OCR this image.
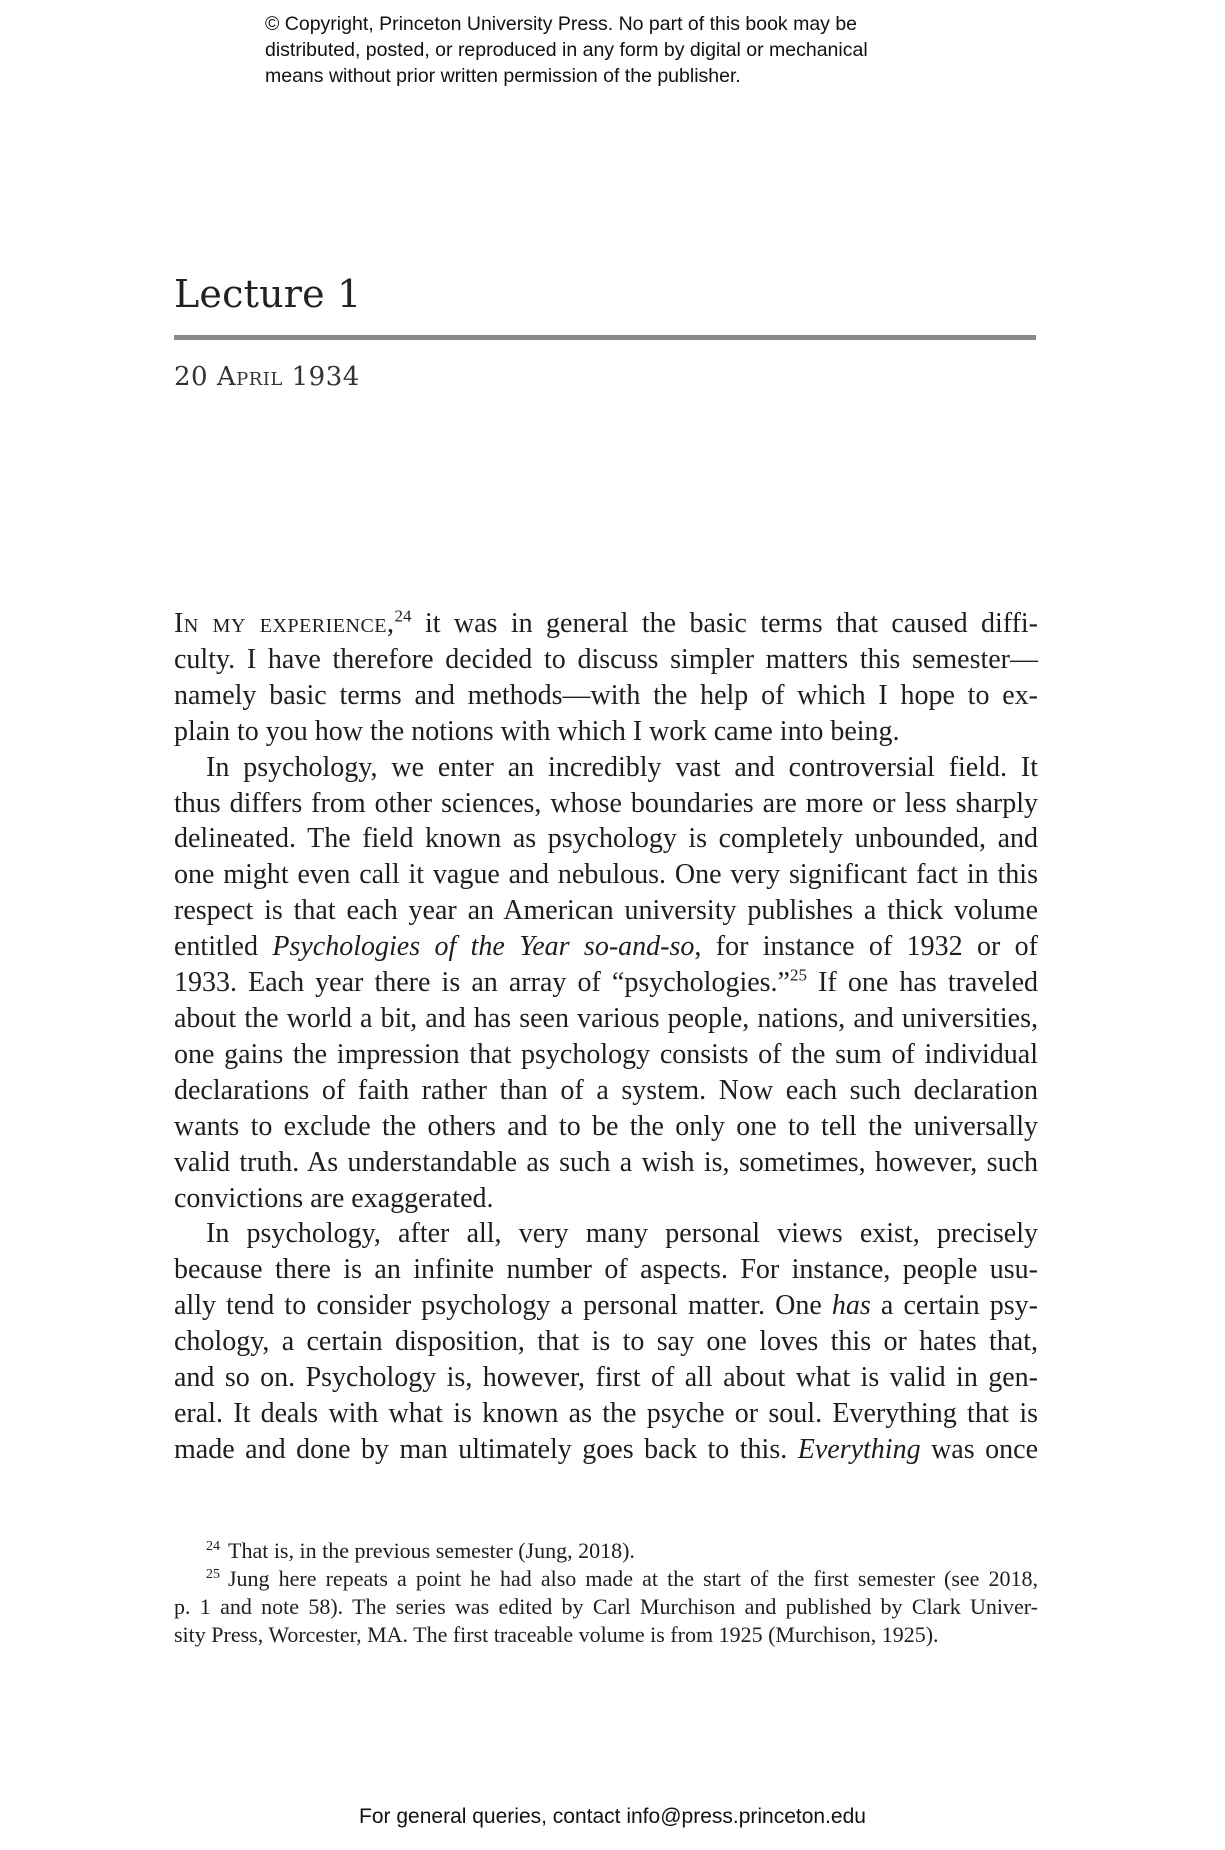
© Copyright, Princeton University Press. No part of this book may be
distributed, posted, or reproduced in any form by digital or mechanical
means without prior written permission of the publisher.
Lecture 1
20 April 1934
In my experience,$^{24}$ it was in general the basic terms that caused diffi-
culty. I have therefore decided to discuss simpler matters this semester—
namely basic terms and methods—with the help of which I hope to ex-
plain to you how the notions with which I work came into being.
In psychology, we enter an incredibly vast and controversial field. It
thus differs from other sciences, whose boundaries are more or less sharply
delineated. The field known as psychology is completely unbounded, and
one might even call it vague and nebulous. One very significant fact in this
respect is that each year an American university publishes a thick volume
entitled Psychologies of the Year so-and-so, for instance of 1932 or of
1933. Each year there is an array of “psychologies.”$^{25}$ If one has traveled
about the world a bit, and has seen various people, nations, and universities,
one gains the impression that psychology consists of the sum of individual
declarations of faith rather than of a system. Now each such declaration
wants to exclude the others and to be the only one to tell the universally
valid truth. As understandable as such a wish is, sometimes, however, such
convictions are exaggerated.
In psychology, after all, very many personal views exist, precisely
because there is an infinite number of aspects. For instance, people usu-
ally tend to consider psychology a personal matter. One has a certain psy-
chology, a certain disposition, that is to say one loves this or hates that,
and so on. Psychology is, however, first of all about what is valid in gen-
eral. It deals with what is known as the psyche or soul. Everything that is
made and done by man ultimately goes back to this. Everything was once
$^{24}$ That is, in the previous semester (Jung, 2018).
$^{25}$ Jung here repeats a point he had also made at the start of the first semester (see 2018,
p. 1 and note 58). The series was edited by Carl Murchison and published by Clark Univer-
sity Press, Worcester, MA. The first traceable volume is from 1925 (Murchison, 1925).
For general queries, contact info@press.princeton.edu
